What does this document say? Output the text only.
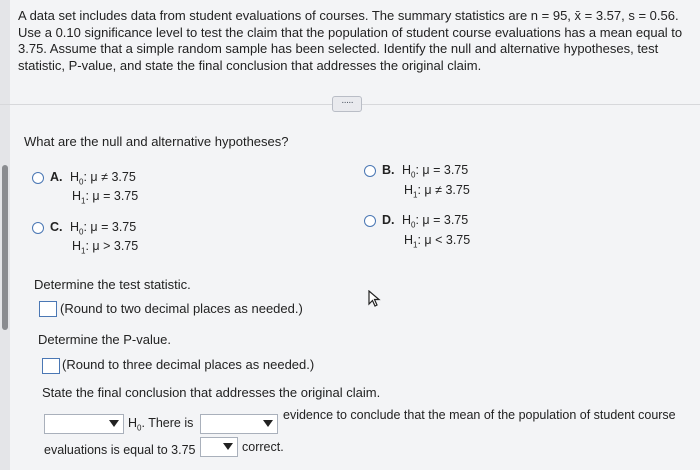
A data set includes data from student evaluations of courses. The summary statistics are n = 95, x̄ = 3.57, s = 0.56. Use a 0.10 significance level to test the claim that the population of student course evaluations has a mean equal to 3.75. Assume that a simple random sample has been selected. Identify the null and alternative hypotheses, test statistic, P-value, and state the final conclusion that addresses the original claim.
·····
What are the null and alternative hypotheses?
A. $H_0$: μ ≠ 3.75
$H_1$: μ = 3.75
B. $H_0$: μ = 3.75
$H_1$: μ ≠ 3.75
C. $H_0$: μ = 3.75
$H_1$: μ > 3.75
D. $H_0$: μ = 3.75
$H_1$: μ < 3.75
Determine the test statistic.
(Round to two decimal places as needed.)
Determine the P-value.
(Round to three decimal places as needed.)
State the final conclusion that addresses the original claim.
$H_0$. There is
evidence to conclude that the mean of the population of student course
evaluations is equal to 3.75	correct.
